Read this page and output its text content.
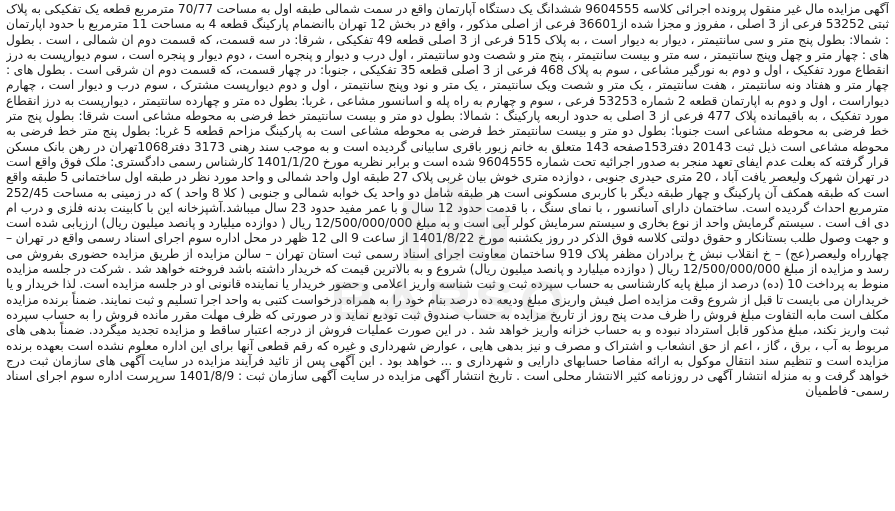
آگهی مزایده مال غیر منقول پرونده اجرائی کلاسه 9604555 ششدانگ یک دستگاه آپارتمان واقع در سمت شمالی طبقه اول به مساحت 70/77 مترمربع قطعه یک تفکیکی به پلاک ثبتی 53252 فرعی از 3 اصلی ، مفروز و مجزا شده از36601 فرعی از اصلی مذکور ، واقع در بخش 12 تهران باانضمام پارکینگ قطعه 4 به مساحت 11 مترمربع با حدود اپارتمان : شمالا: بطول پنج متر و سی سانتیمتر ، دیوار به دیوار است ، به پلاک 515 فرعی از 3 اصلی قطعه 49 تفکیکی ، شرقا: در سه قسمت، که قسمت دوم ان شمالی ، است . بطول های : چهار متر و چهل وپنج سانتیمتر ، سه متر و بیست سانتیمتر ، پنج متر و شصت ودو سانتیمتر ، اول درب و دیوار و پنجره است ، دوم دیوار و پنجره است ، سوم دیوارپست به درز انقطاع مورد تفکیک ، اول و دوم به نورگیر مشاعی ، سوم به پلاک 468 فرعی از 3 اصلی قطعه 35 تفکیکی ، جنوبا: در چهار قسمت، که قسمت دوم ان شرقی است . بطول های : چهار متر و هفتاد ونه سانتیمتر ، هفت سانتیمتر ، یک متر و شصت ویک سانتیمتر ، یک متر و نود وپنج سانتیمتر ، اول و دوم دیوارپست مشترک ، سوم درب و دیوار است ، چهارم دیواراست ، اول و دوم به اپارتمان قطعه 2 شماره 53253 فرعی ، سوم و چهارم به راه پله و اسانسور مشاعی ، غربا: بطول ده متر و چهارده سانتیمتر ، دیوارپست به درز انقطاع مورد تفکیک ، به باقیمانده پلاک 477 فرعی از 3 اصلی به حدود اربعه پارکینگ : شمالا: بطول دو متر و بیست سانتیمتر خط فرضی به محوطه مشاعی است شرقا: بطول پنج متر خط فرضی به محوطه مشاعی است جنوبا: بطول دو متر و بیست سانتیمتر خط فرضی به محوطه مشاعی است به پارکینگ مزاحم قطعه 5 غربا: بطول پنج متر خط فرضی به محوطه مشاعی است ذیل ثبت 20143 دفتر153صفحه 143 متعلق به خانم زیور باقری سابیانی گردیده است و به موجب سند رهنی 3173 دفتر1068تهران در رهن بانک مسکن قرار گرفته که بعلت عدم ایفای تعهد منجر به صدور اجرائیه تحت شماره 9604555 شده است و برابر نظریه مورخ 1401/1/20 کارشناس رسمی دادگستری: ملک فوق واقع است در تهران شهرک ولیعصر یافت آباد ، 20 متری حیدری جنوبی ، دوازده متری خوش بیان غربی پلاک 27 طبقه اول واحد شمالی و واحد مورد نظر در طبقه اول ساختمانی 5 طبقه واقع است که طبقه همکف آن پارکینگ و چهار طبقه دیگر با کاربری مسکونی است هر طبقه شامل دو واحد یک خوابه شمالی و جنوبی ( کلا 8 واحد ) که در زمینی به مساحت 252/45 مترمربع احداث گردیده است. ساختمان دارای آسانسور ، با نمای سنگ ، با قدمت حدود 12 سال و با عمر مفید حدود 23 سال میباشد.آشپزخانه این با کابینت بدنه فلزی و درب ام دی اف است . سیستم گرمایش واحد از نوع بخاری و سیستم سرمایش کولر آبی است و به مبلغ 12/500/000/000 ریال ( دوازده میلیارد و پانصد میلیون ریال) ارزیابی شده است و جهت وصول طلب بستانکار و حقوق دولتی کلاسه فوق الذکر در روز یکشنبه مورخ 1401/8/22 از ساعت 9 الی 12 ظهر در محل اداره سوم اجرای اسناد رسمی واقع در تهران – چهارراه ولیعصر(عج) – خ انقلاب نبش خ برادران مظفر پلاک 919 ساختمان معاونت اجرای اسناد رسمی ثبت استان تهران – سالن مزایده از طریق مزایده حضوری بفروش می رسد و مزایده از مبلغ 12/500/000/000 ریال ( دوازده میلیارد و پانصد میلیون ریال) شروع و به بالاترین قیمت که خریدار داشته باشد فروخته خواهد شد . شرکت در جلسه مزایده منوط به پرداخت 10 (ده) درصد از مبلغ پایه کارشناسی به حساب سپرده ثبت و ثبت شناسه واریز اعلامی و حضور خریدار یا نماینده قانونی او در جلسه مزایده است. لذا خریدار و یا خریداران می بایست تا قبل از شروع وقت مزایده اصل فیش واریزی مبلغ ودیعه ده درصد بنام خود را به همراه درخواست کتبی به واحد اجرا تسلیم و ثبت نمایند. ضمناً برنده مزایده مکلف است مابه التفاوت مبلغ فروش را ظرف مدت پنج روز از تاریخ مزایده به حساب صندوق ثبت تودیع نماید و در صورتی که ظرف مهلت مقرر مانده فروش را به حساب سپرده ثبت واریز نکند، مبلغ مذکور قابل استرداد نبوده و به حساب خزانه واریز خواهد شد . در این صورت عملیات فروش از درجه اعتبار ساقط و مزایده تجدید میگردد. ضمناً بدهی های مربوط به آب ، برق ، گاز ، اعم از حق انشعاب و اشتراک و مصرف و نیز بدهی هایی ، عوارض شهرداری و غیره که رقم قطعی آنها برای این اداره معلوم نشده است بعهده برنده مزایده است و تنظیم سند انتقال موکول به ارائه مفاصا حسابهای دارایی و شهرداری و ... خواهد بود . این آگهی پس از تائید فرآیند مزایده در سایت آگهی های سازمان ثبت درج خواهد گرفت و به منزله انتشار آگهی در روزنامه کثیر الانتشار محلی است . تاریخ انتشار آگهی مزایده در سایت آگهی سازمان ثبت : 1401/8/9 سرپرست اداره سوم اجرای اسناد رسمی- فاطمیان
